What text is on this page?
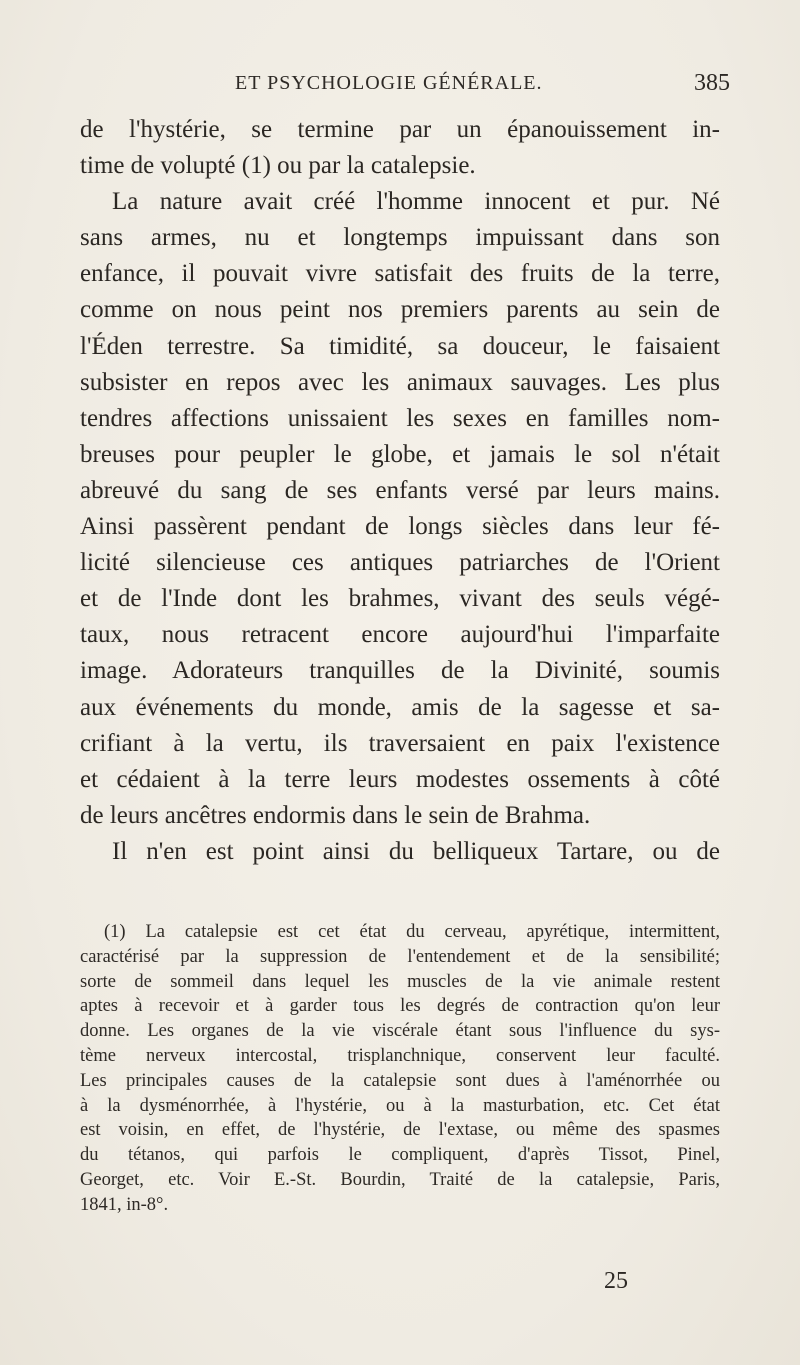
ET PSYCHOLOGIE GÉNÉRALE.	385
de l'hystérie, se termine par un épanouissement in-
time de volupté (1) ou par la catalepsie.
La nature avait créé l'homme innocent et pur. Né
sans armes, nu et longtemps impuissant dans son
enfance, il pouvait vivre satisfait des fruits de la terre,
comme on nous peint nos premiers parents au sein de
l'Éden terrestre. Sa timidité, sa douceur, le faisaient
subsister en repos avec les animaux sauvages. Les plus
tendres affections unissaient les sexes en familles nom-
breuses pour peupler le globe, et jamais le sol n'était
abreuvé du sang de ses enfants versé par leurs mains.
Ainsi passèrent pendant de longs siècles dans leur fé-
licité silencieuse ces antiques patriarches de l'Orient
et de l'Inde dont les brahmes, vivant des seuls végé-
taux, nous retracent encore aujourd'hui l'imparfaite
image. Adorateurs tranquilles de la Divinité, soumis
aux événements du monde, amis de la sagesse et sa-
crifiant à la vertu, ils traversaient en paix l'existence
et cédaient à la terre leurs modestes ossements à côté
de leurs ancêtres endormis dans le sein de Brahma.
Il n'en est point ainsi du belliqueux Tartare, ou de
(1) La catalepsie est cet état du cerveau, apyrétique, intermittent,
caractérisé par la suppression de l'entendement et de la sensibilité;
sorte de sommeil dans lequel les muscles de la vie animale restent
aptes à recevoir et à garder tous les degrés de contraction qu'on leur
donne. Les organes de la vie viscérale étant sous l'influence du sys-
tème nerveux intercostal, trisplanchnique, conservent leur faculté.
Les principales causes de la catalepsie sont dues à l'aménorrhée ou
à la dysménorrhée, à l'hystérie, ou à la masturbation, etc. Cet état
est voisin, en effet, de l'hystérie, de l'extase, ou même des spasmes
du tétanos, qui parfois le compliquent, d'après Tissot, Pinel,
Georget, etc. Voir E.-St. Bourdin, Traité de la catalepsie, Paris,
1841, in-8°.
25
